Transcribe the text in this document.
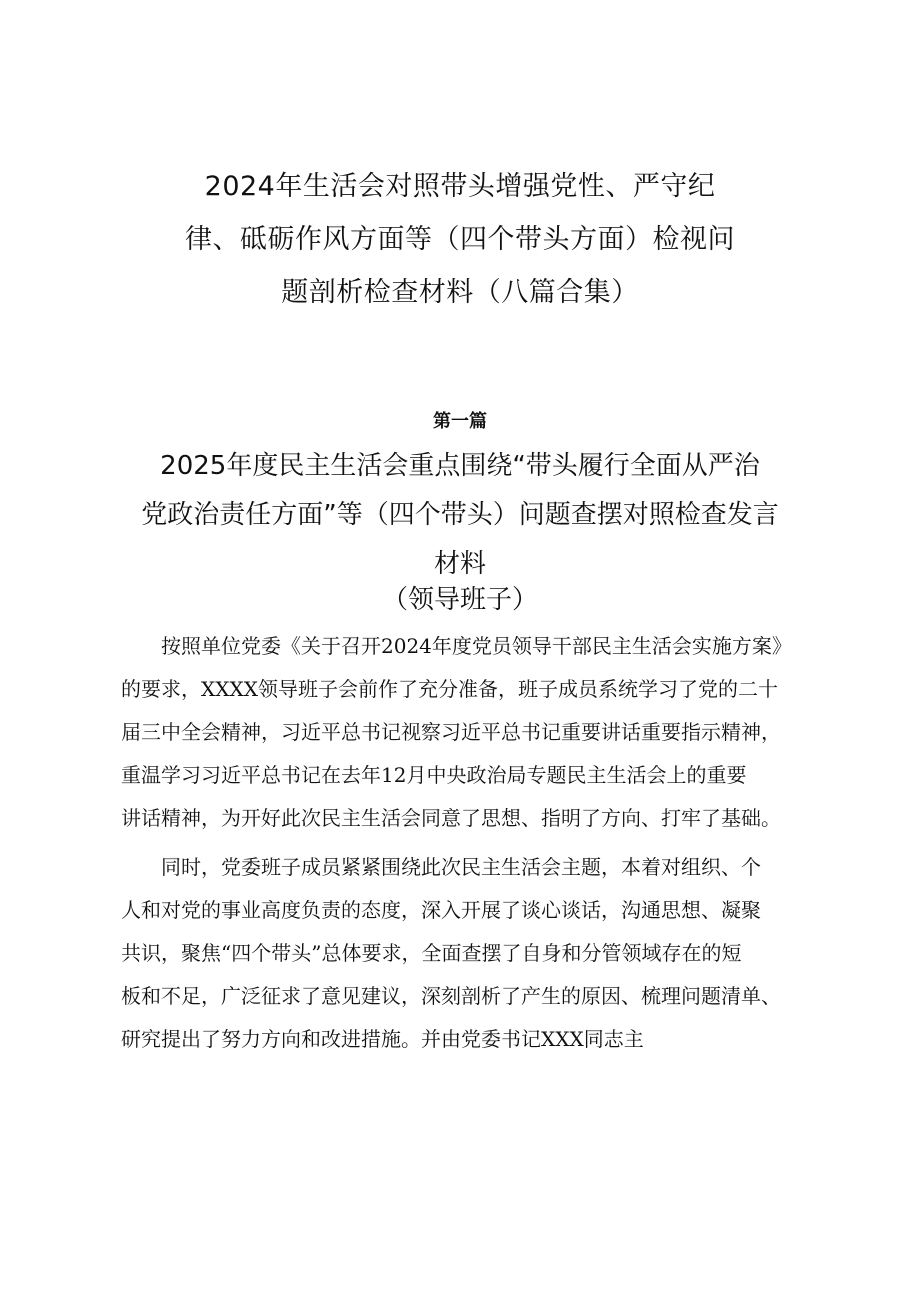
2024年生活会对照带头增强党性、严守纪
律、砥砺作风方面等（四个带头方面）检视问
题剖析检查材料（八篇合集）
第一篇
2025年度民主生活会重点围绕“带头履行全面从严治
党政治责任方面”等（四个带头）问题查摆对照检查发言
材料
（领导班子）
　　按照单位党委《关于召开2024年度党员领导干部民主生活会实施方案》
的要求，XXXX领导班子会前作了充分准备，班子成员系统学习了党的二十
届三中全会精神，习近平总书记视察习近平总书记重要讲话重要指示精神，
重温学习习近平总书记在去年12月中央政治局专题民主生活会上的重要
讲话精神，为开好此次民主生活会同意了思想、指明了方向、打牢了基础。
　　同时，党委班子成员紧紧围绕此次民主生活会主题，本着对组织、个
人和对党的事业高度负责的态度，深入开展了谈心谈话，沟通思想、凝聚
共识，聚焦“四个带头”总体要求，全面查摆了自身和分管领域存在的短
板和不足，广泛征求了意见建议，深刻剖析了产生的原因、梳理问题清单、
研究提出了努力方向和改进措施。并由党委书记XXX同志主
